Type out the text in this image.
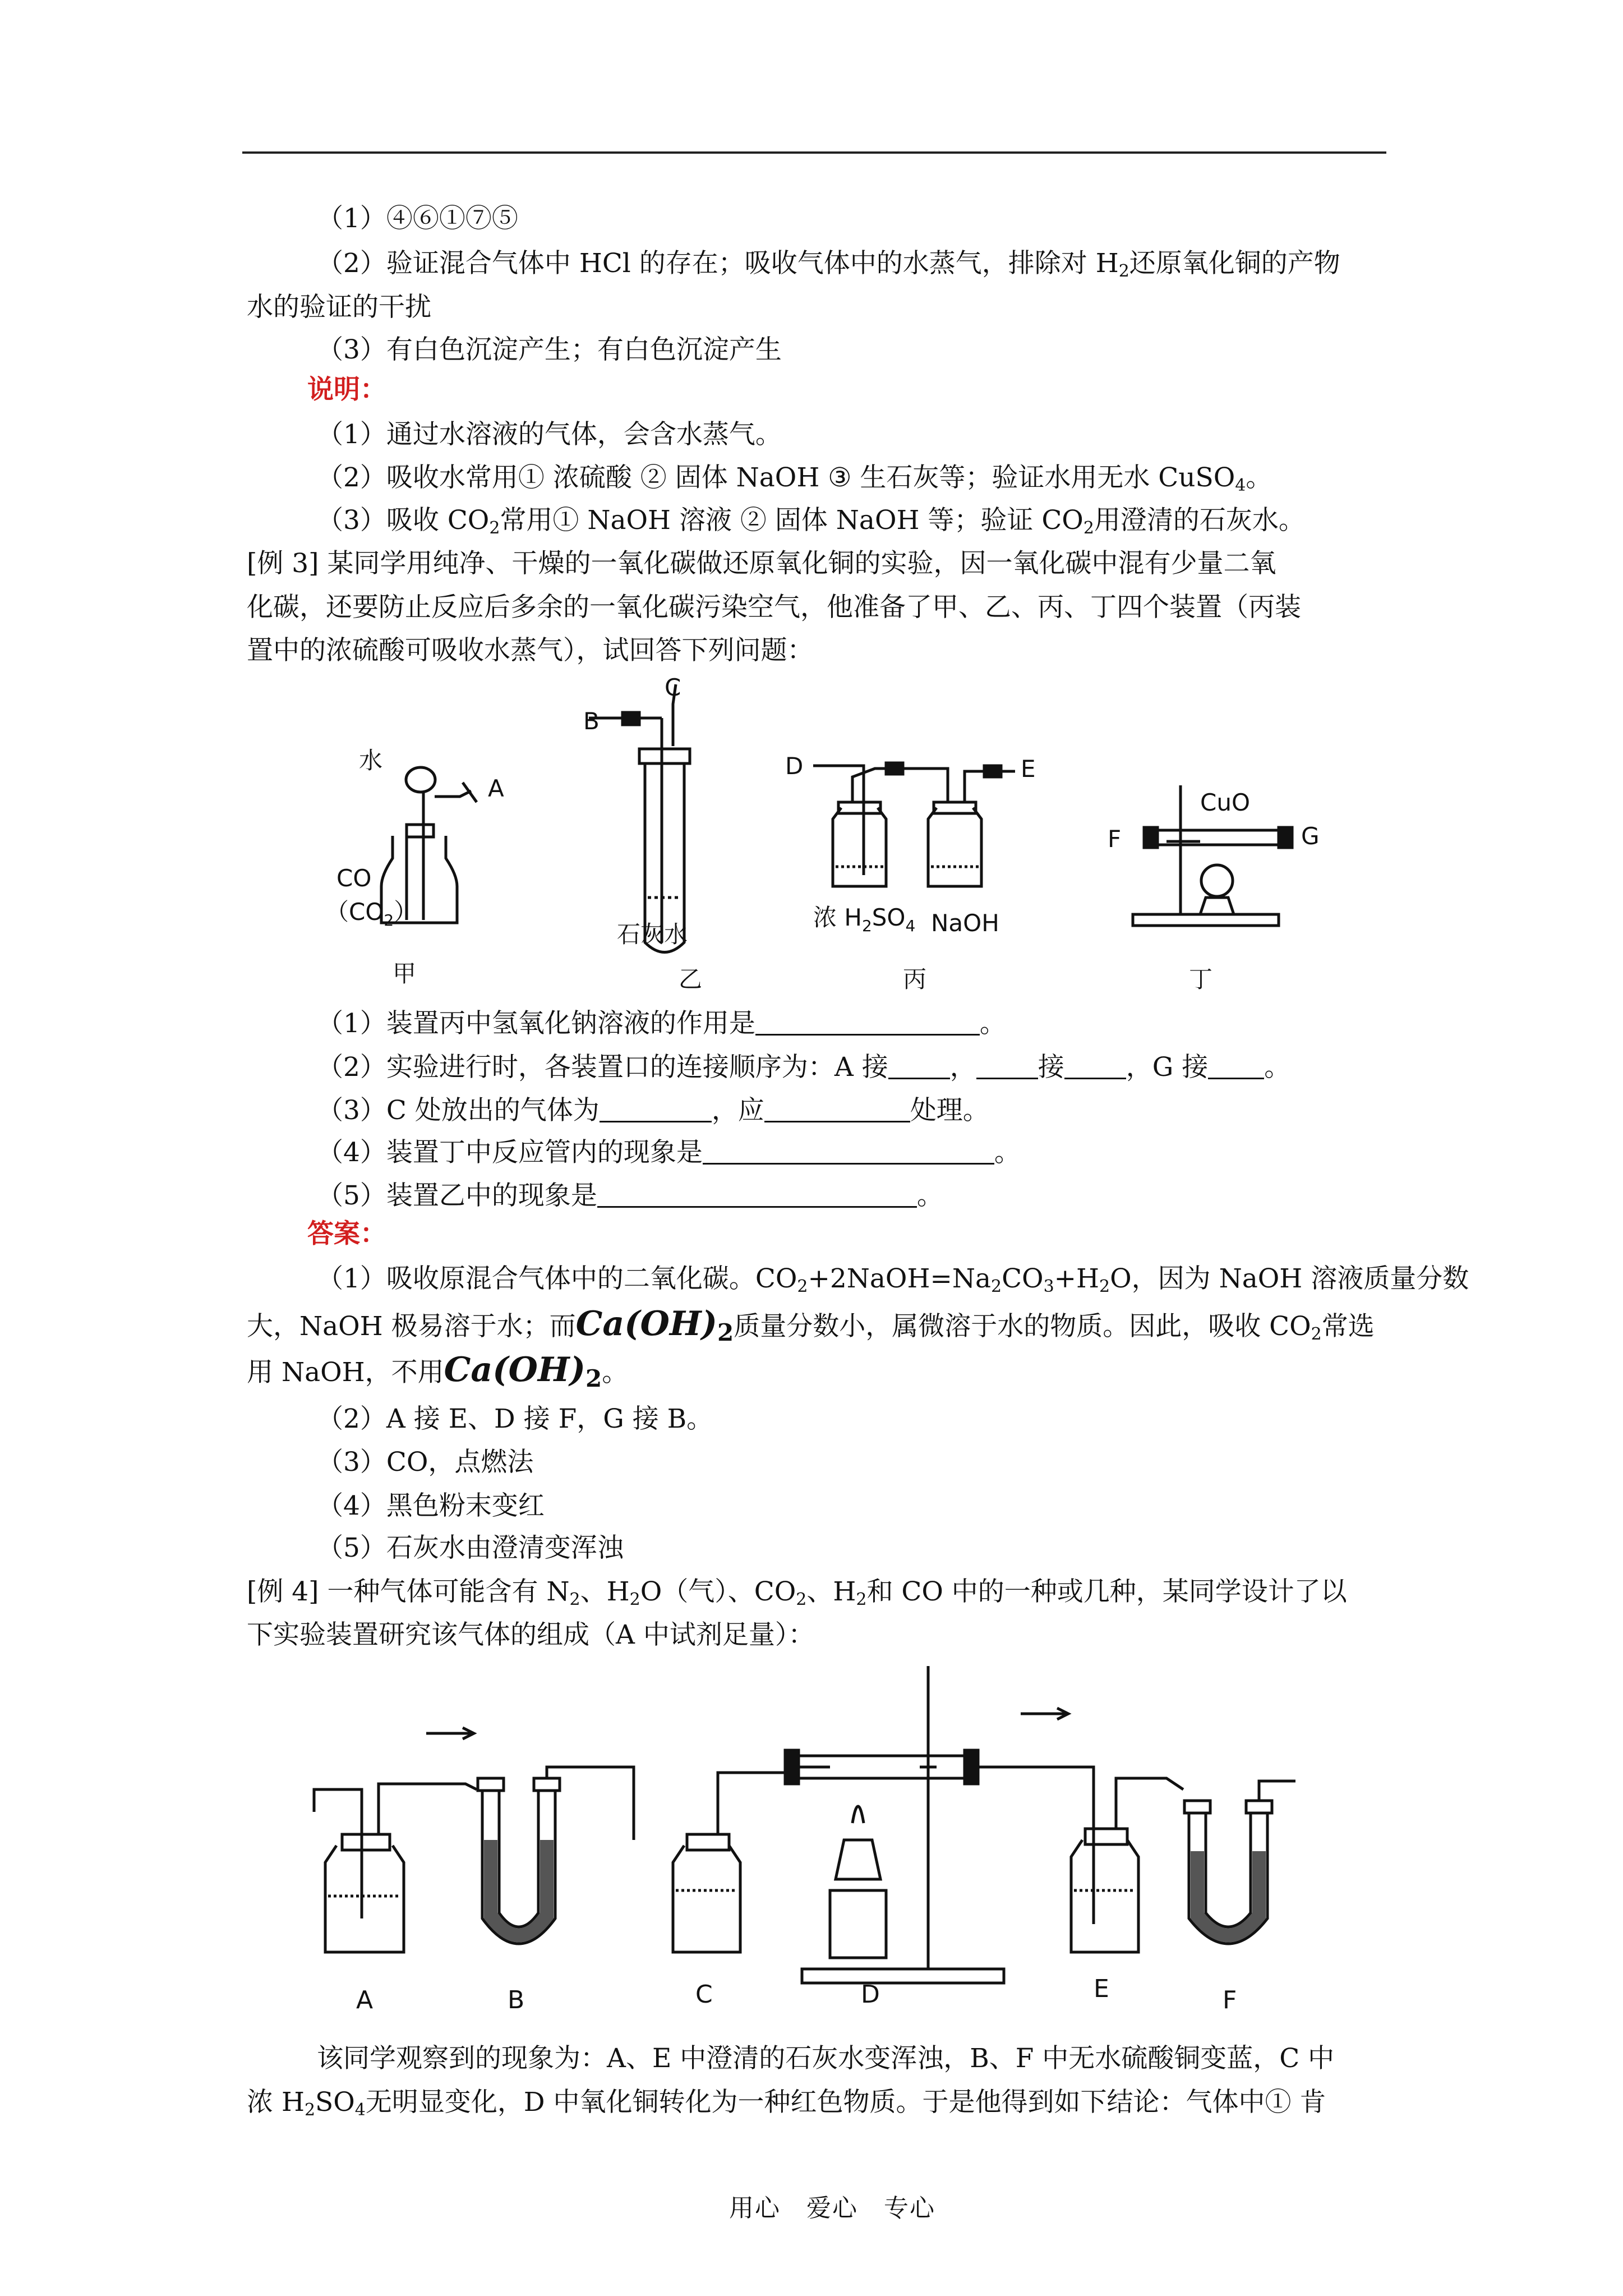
（1）④⑥①⑦⑤
（2）验证混合气体中 HCl 的存在；吸收气体中的水蒸气，排除对 $H_2$还原氧化铜的产物
水的验证的干扰
（3）有白色沉淀产生；有白色沉淀产生
说明：
（1）通过水溶液的气体，会含水蒸气。
（2）吸收水常用① 浓硫酸 ② 固体 NaOH ③ 生石灰等；验证水用无水 CuSO$_4$。
（3）吸收 $CO_2$常用① NaOH 溶液 ② 固体 NaOH 等；验证 $CO_2$用澄清的石灰水。
[例 3] 某同学用纯净、干燥的一氧化碳做还原氧化铜的实验，因一氧化碳中混有少量二氧
化碳，还要防止反应后多余的一氧化碳污染空气，他准备了甲、乙、丙、丁四个装置（丙装
置中的浓硫酸可吸收水蒸气），试回答下列问题：
水
A
CO
$(CO_2)$
甲
B
C
石灰水
乙
D	E
浓 $H_2SO_4$ NaOH
丙
CuO
F	G
丁
（1）装置丙中氢氧化钠溶液的作用是	。
（2）实验进行时，各装置口的连接顺序为：A 接 ， 接 ，G 接 。
（3）C 处放出的气体为	，应	处理。
（4）装置丁中反应管内的现象是	。
（5）装置乙中的现象是	。
答案：
（1）吸收原混合气体中的二氧化碳。$CO_2+2NaOH=Na_2CO_3+H_2O$，因为 NaOH 溶液质量分数
大，NaOH 极易溶于水；而Ca(OH)2质量分数小，属微溶于水的物质。因此，吸收 $CO_2$常选
用 NaOH，不用Ca(OH)2。
（2）A 接 E、D 接 F，G 接 B。
（3）CO，点燃法
（4）黑色粉末变红
（5）石灰水由澄清变浑浊
[例 4] 一种气体可能含有 $N_2$、$H_2O$（气）、$CO_2$、$H_2$和 CO 中的一种或几种，某同学设计了以
下实验装置研究该气体的组成（A 中试剂足量）：
A	B	C	D	E	F
该同学观察到的现象为：A、E 中澄清的石灰水变浑浊，B、F 中无水硫酸铜变蓝，C 中
浓 $H_2SO_4$无明显变化，D 中氧化铜转化为一种红色物质。于是他得到如下结论：气体中① 肯
用心　爱心　专心
